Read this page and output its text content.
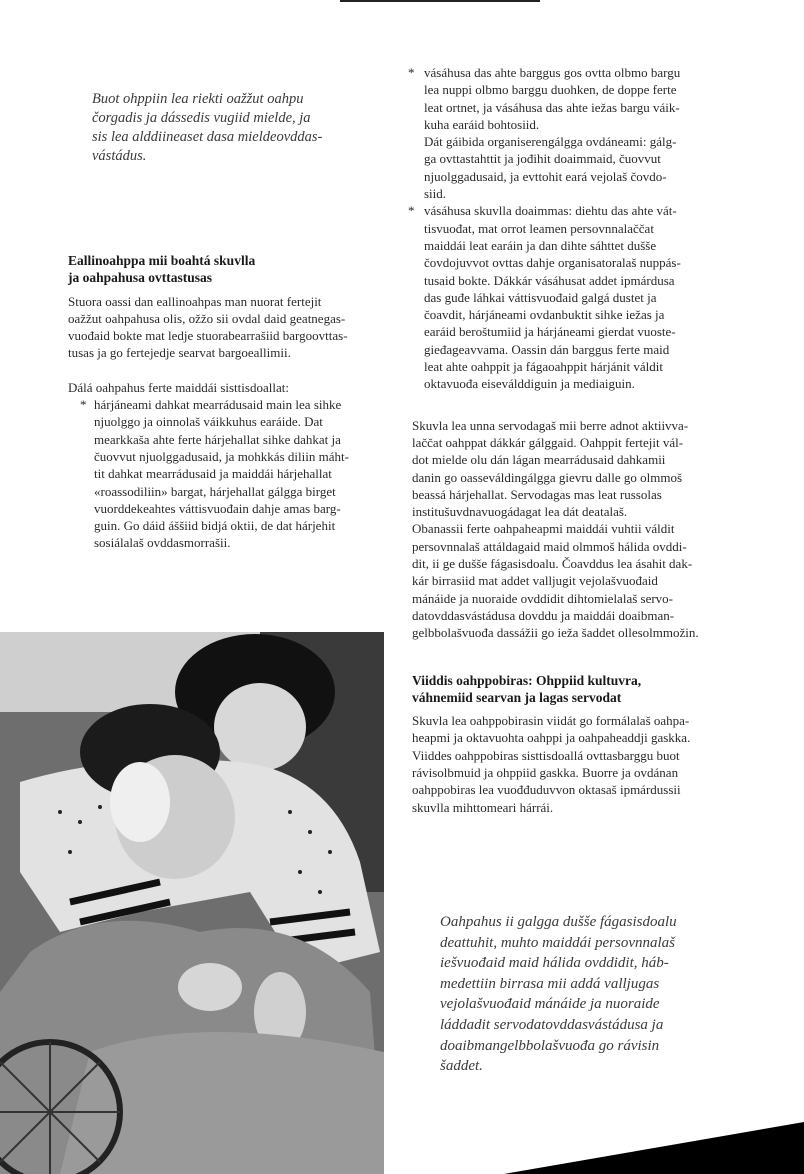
Buot ohppiin lea riekti oažžut oahpu

čorgadis ja dássedis vugiid mielde, ja

sis lea alddiineaset dasa mieldeovddas-

vástádus.

Eallinoahppa mii boahtá skuvlla
ja oahpahusa ovttastusas

Stuora oassi dan eallinoahpas man nuorat fertejit

oažžut oahpahusa olis, ožžo sii ovdal daid geatnegas-

vuođaid bokte mat ledje stuorabearrašiid bargoovttas-

tusas ja go fertejedje searvat bargoeallimii.

Dálá oahpahus ferte maiddái sisttisdoallat:

* hárjáneami dahkat mearrádusaid main lea sihke

njuolggo ja oinnolaš váikkuhus earáide. Dat

mearkkaša ahte ferte hárjehallat sihke dahkat ja

čuovvut njuolggadusaid, ja mohkkás diliin máht-

tit dahkat mearrádusaid ja maiddái hárjehallat

«roassodiliin» bargat, hárjehallat gálgga birget

vuorddekeahtes váttisvuođain dahje amas barg-

guin. Go dáid áššiid bidjá oktii, de dat hárjehit

sosiálalaš ovddasmorrašii.

* vásáhusa das ahte barggus gos ovtta olbmo bargu

lea nuppi olbmo barggu duohken, de doppe ferte

leat ortnet, ja vásáhusa das ahte iežas bargu váik-

kuha earáid bohtosiid.

Dát gáibida organiserengálgga ovdáneami: gálg-

ga ovttastahttit ja jođihit doaimmaid, čuovvut

njuolggadusaid, ja evttohit eará vejolaš čovdo-

siid.

* vásáhusa skuvlla doaimmas: diehtu das ahte vát-

tisvuođat, mat orrot leamen persovnnalaččat

maiddái leat earáin ja dan dihte sáhttet dušše

čovdojuvvot ovttas dahje organisatoralaš nuppás-

tusaid bokte. Dákkár vásáhusat addet ipmárdusa

das guđe láhkai váttisvuođaid galgá dustet ja

čoavdit, hárjáneami ovdanbuktit sihke iežas ja

earáid beroštumiid ja hárjáneami gierdat vuoste-

gieđageavvama. Oassin dán barggus ferte maid

leat ahte oahppit ja fágaoahppit hárjánit váldit

oktavuođa eiseválddiguin ja mediaiguin.

Skuvla lea unna servodagaš mii berre adnot aktiivva-

laččat oahppat dákkár gálggaid. Oahppit fertejit vál-

dot mielde olu dán lágan mearrádusaid dahkamii

danin go oasseváldingálgga gievru dalle go olmmoš

beassá hárjehallat. Servodagas mas leat russolas

institušuvdnavuogádagat lea dát deatalaš.

Obanassii ferte oahpaheapmi maiddái vuhtii váldit

persovnnalaš attáldagaid maid olmmoš hálida ovddi-

dit, ii ge dušše fágasisdoalu. Čoavddus lea ásahit dak-

kár birrasiid mat addet valljugit vejolašvuođaid

mánáide ja nuoraide ovddidit dihtomielalaš servo-

datovddasvástádusa dovddu ja maiddái doaibman-

gelbbolašvuođa dassážii go ieža šaddet ollesolmmožin.

Viiddis oahppobiras: Ohppiid kultuvra,
váhnemiid searvan ja lagas servodat

Skuvla lea oahppobirasin viidát go formálalaš oahpa-

heapmi ja oktavuohta oahppi ja oahpaheaddji gaskka.

Viiddes oahppobiras sisttisdoallá ovttasbarggu buot

rávisolbmuid ja ohppiid gaskka. Buorre ja ovdánan

oahppobiras lea vuođđuduvvon oktasaš ipmárdussii

skuvlla mihttomeari hárrái.

Oahpahus ii galgga dušše fágasisdoalu

deattuhit, muhto maiddái persovnnalaš

iešvuođaid maid hálida ovddidit, háb-

medettiin birrasa mii addá valljugas

vejolašvuođaid mánáide ja nuoraide

láddadit servodatovddasvástádusa ja

doaibmangelbbolašvuođa go rávisin

šaddet.
